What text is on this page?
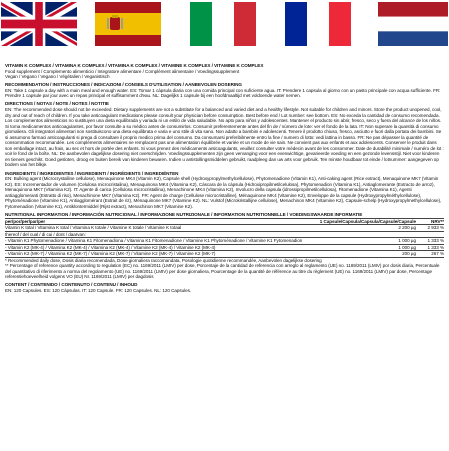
VITAMIN K COMPLEX / VITAMINA K COMPLEX / VITAMINA K COMPLEX / VITAMINE K COMPLEX / VITAMINE K COMPLEX

Food supplement / Complemento alimenticio / Integratore alimentare / Complément alimentaire / Voedingssupplement

Vegan / Vegano / Vegano / Végétalien / Veganistisch

RECOMMENDATION / INSTRUCCIONES / INDICAZIONI / CONSEILS D'UTILISATION / AANBEVOLEN DOSERING

EN: Take 1 capsule a day with a main meal and enough water. ES: Tomar 1 cápsula diaria con una comida principal con suficiente agua. IT: Prendere 1 capsula al giorno con un pasto principale con acqua sufficiente. FR: Prendre 1 capsule par jour avec un repas principal et suffisamment d'eau. NL: Dagelijks 1 capsule bij een hoofdmaaltijd met voldoende water nemen.

DIRECTIONS / NOTAS / NOTE / NOTES / NOTITIE

EN: The recommended dose should not be exceeded. Dietary supplements are not a substitute for a balanced and varied diet and a healthy lifestyle. Not suitable for children and minors. Store the product unopened, cool, dry and out of reach of children. If you take anticoagulant medications please consult your physician before consumption. Best before end / Lot number: see bottom. ES: No exceda la cantidad de consumo recomendada. Los complementos alimenticios no sustituyen una dieta equilibrada y variada ni un estilo de vida saludable. No apto para niños y adolescentes. Mantener el producto sin abrir, fresco, seco y fuera del alcance de los niños. Si toma medicamentos anticoagulantes, por favor consulte a su médico antes de consumirlos. Consumir preferentemente antes del fin de / número de lote: ver el fondo de la lata. IT: Non superare la quantità di consumo giornaliera. Gli integratori alimentari non sostituiscono una dieta equilibrata e varia e uno stile di vita sano. Non adatto a bambini e adolescenti. Tenere il prodotto chiuso, fresco, asciutto e fuori dalla portata dei bambini. Se si assumono farmaci anticoagulanti si prega di consultare il proprio medico prima del consumo. Da consumarsi preferibilmente entro la fine / numero di lotto: vedi lattina in basso. FR: Ne pas dépasser la quantité de consommation recommandée. Les compléments alimentaires ne remplacent pas une alimentation équilibrée et variée et un mode de vie sain. Ne convient pas aux enfants et aux adolescents. Conserver le produit dans son emballage intact, au frais, au sec et hors de portée des enfants. Si vous prenez des médicaments anticoagulants, veuillez consulter votre médecin avant de les consommer. Date de durabilité minimale / numéro de lot : voir le fond de la boîte. NL: De aanbevolen dagelijkse dosering niet overschrijden. Voedingssupplementen zijn geen vervanging voor een evenwichtige, gevarieerde voeding en een gezonde levensstijl. Niet voor kinderen en tieners geschikt. Goed gesloten, droog en buiten bereik van kinderen bewaren. Indien u antistollingsmiddelen gebruikt, raadpleeg dan uw arts voor gebruik. Ten minste houdbaar tot einde / lotnummer: aangegeven op bodem van het blikje.

INGREDIENTS / INGREDIENTES / INGREDIENTI / INGRÉDIENTS / INGREDIËNTEN

EN: Bulking agent (Microcrystalline cellulose), Menaquinone MK4 (Vitamin K2), Capsule shell (Hydroxypropylmethylcellulose), Phytomenadione (Vitamin K1), Anti-caking agent (Rice extract), Menaquinone MK7 (Vitamin K2). ES: Incrementador de volumen (Celulosa microcristalina), Menaquinona MK4 (Vitamina K2), Cáscara de la cápsula (Hidroxipropilmetilcelulosa), Phytomenadion (Vitamina K1), Antiaglomerante (Extracto de arroz), Menaquinona MK7 (Vitamina K2). IT: Agente di carica (Cellulosa microcristallina), Menachinone MK4 (Vitamina K2), Involucro della capsula (idrossipropilmetilcellulosa), Fitomenadione (Vitamina K1), Agenti antiagglomeranti (Estratto di riso), Menachinone MK7 (Vitamina K2). FR: Agent de charge (Cellulose microcristalline), Ménaquinone MK4 (Vitamine K2), Enveloppe de la capsule (Hydroxypropylméthylcellulose), Phytoménadione (Vitamine K1), Antiagglomérant (Extrait de riz), Ménaquinone MK7 (Vitamine K2). NL: Vulstof (Microkristallijne cellulose), Menachinon MK4 (Vitamine K2), Capsule-schelp (Hydroxypropylmethylcellulose), Fytomenadion (Vitamine K1), Antiklontermiddel (Rijst extract), Menachinon MK7 (Vitamine K2).

NUTRITIONAL INFORMATION / INFORMACIÓN NUTRICIONAL / INFORMAZIONE NUTRIZIONALE / INFORMATION NUTRITIONNELLE / VOEDINGSWAARDE INFORMATIE

per/por/per/par/per	1 Capsule/Capsula/Capsula/Capsule/Capsule	NRV**
Vitamin K total / Vitamina K total / Vitamina K totale / Vitamine K totale / Vitamine K totaal	2 200 µg	2 933 %
thereof / del cual / di cui / dont / daarvan:		
- Vitamin K1 Phytomenadione / Vitamina K1 Fitomenadiona / Vitamina K1 Fitomenadione / Vitamine K1 Phytoménadione / Vitamine K1 Fytomenadion	1 000 µg	1 333 %
- Vitamin K2 (MK-4) / Vitamina K2 (MK-4) / Vitamina K2 (MK-4) / Vitamine K2 (MK-4) / Vitamine K2 (MK-4)	1 000 µg	1 333 %
- Vitamin K2 (MK-7) / Vitamina K2 (MK-7) / Vitamina K2 (MK-7) / Vitamine K2 (MK-7) / Vitamine K2 (MK-7)	200 µg	267 %

* Recommended daily dose, Dosis diaria recomendada, Dose giornaliera raccomandata, Posologie quotidienne recommandée, Aanbevolen dagelijkse dosering

** Percentage of reference quantity according to regulation (EC) no. 1169/2011 (LMIV) per dose, Porcentaje de la cantidad de referencia con arreglo al reglamento (UE) no. 1169/2011 (LMIV) por dosis diaria, Percentuale del quantitativo di riferimento a norma del regolamento (UE) no. 1169/2011 (LMIV) per dose giornaliera, Pourcentage de la quantité de référence au titre du règlement (UE) no. 1169/2011 (LMIV) par dose, Percentage referentiehoeveelheid volgens VO (EU) Nr. 1169/2011 (LMIV) per dagdosis

CONTENT / CONTENIDO / CONTENUTO / CONTENU / INHOUD

EN: 120 Capsules. ES: 120 Cápsulas. IT: 120 Capsule. FR: 120 Capsules. NL: 120 Capsules.
